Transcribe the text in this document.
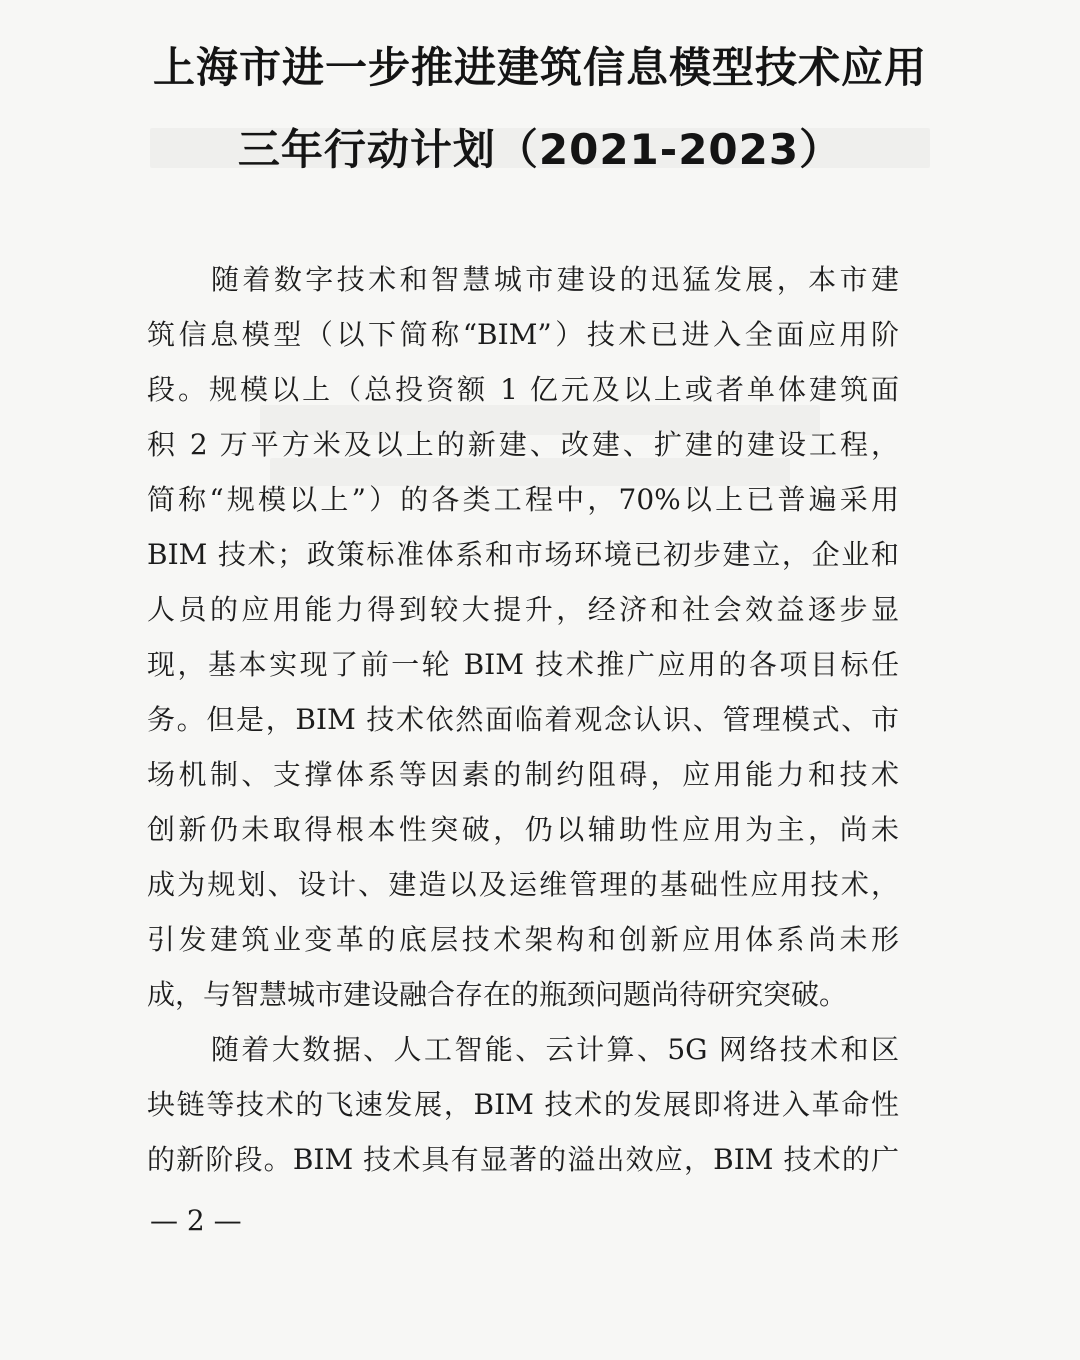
上海市进一步推进建筑信息模型技术应用
三年行动计划（2021-2023）
随着数字技术和智慧城市建设的迅猛发展，本市建
筑信息模型（以下简称“BIM”）技术已进入全面应用阶
段。规模以上（总投资额 1 亿元及以上或者单体建筑面
积 2 万平方米及以上的新建、改建、扩建的建设工程，
简称“规模以上”）的各类工程中，70%以上已普遍采用
BIM 技术；政策标准体系和市场环境已初步建立，企业和
人员的应用能力得到较大提升，经济和社会效益逐步显
现，基本实现了前一轮 BIM 技术推广应用的各项目标任
务。但是，BIM 技术依然面临着观念认识、管理模式、市
场机制、支撑体系等因素的制约阻碍，应用能力和技术
创新仍未取得根本性突破，仍以辅助性应用为主，尚未
成为规划、设计、建造以及运维管理的基础性应用技术，
引发建筑业变革的底层技术架构和创新应用体系尚未形
成，与智慧城市建设融合存在的瓶颈问题尚待研究突破。
随着大数据、人工智能、云计算、5G 网络技术和区
块链等技术的飞速发展，BIM 技术的发展即将进入革命性
的新阶段。BIM 技术具有显著的溢出效应，BIM 技术的广
— 2 —
